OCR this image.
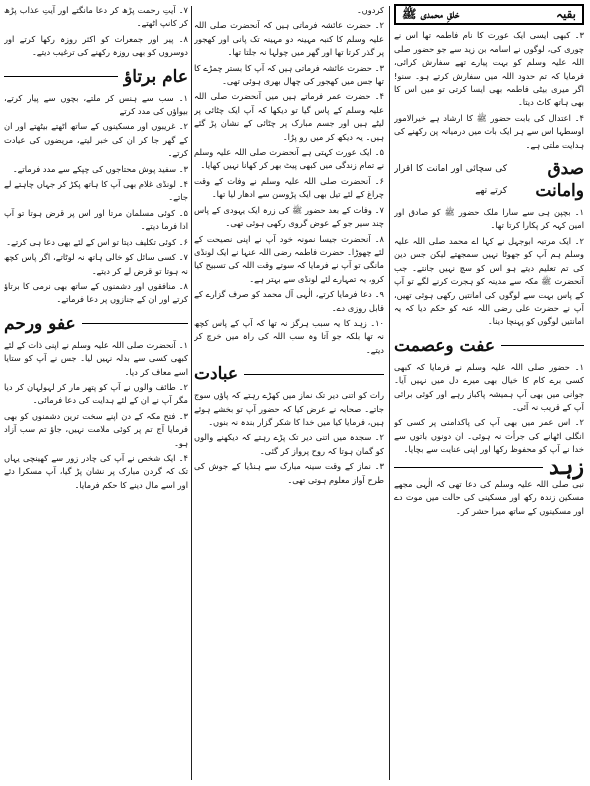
بقیہ
خلقِ محمدی ﷺ

۳۔ کبھی ایسی ایک عورت کا نام فاطمہ تھا اس نے چوری کی، لوگوں نے اسامہ بن زید سے جو حضور صلی اللہ علیہ وسلم کو بہت پیارے تھے سفارش کرائی، فرمایا کہ تم حدود اللہ میں سفارش کرتے ہو۔ سنو! اگر میری بیٹی فاطمہ بھی ایسا کرتی تو میں اس کا بھی ہاتھ کاٹ دیتا۔

۴۔ اعتدال کی بابت حضور ﷺ کا ارشاد ہے خیرالامور اوسطہا اس سے ہر ایک بات میں درمیانہ پن رکھنے کی ہدایت ملتی ہے۔

صدق وامانت
کی سچائی اور امانت کا اقرار کرتے تھے

۱۔ بچپن ہی سے سارا ملک حضور ﷺ کو صادق اور امین کہہ کر پکارا کرتا تھا۔

۲۔ ایک مرتبہ ابوجہل نے کہا اے محمد صلی اللہ علیہ وسلم ہم آپ کو جھوٹا نہیں سمجھتے لیکن جس دین کی تم تعلیم دیتے ہو اس کو سچ نہیں جانتے۔ جب آنحضرت ﷺ مکہ سے مدینہ کو ہجرت کرنے لگے تو آپ کے پاس بہت سے لوگوں کی امانتیں رکھی ہوئی تھیں، آپ نے حضرت علی رضی اللہ عنہ کو حکم دیا کہ یہ امانتیں لوگوں کو پہنچا دینا۔

عفت وعصمت

۱۔ حضور صلی اللہ علیہ وسلم نے فرمایا کہ کبھی کسی برے کام کا خیال بھی میرے دل میں نہیں آیا۔ جوانی میں بھی آپ ہمیشہ پاکباز رہے اور کوئی برائی آپ کے قریب نہ آئی۔

۲۔ اس عمر میں بھی آپ کی پاکدامنی پر کسی کو انگلی اٹھانے کی جرأت نہ ہوئی۔ ان دونوں باتوں سے خدا نے آپ کو محفوظ رکھا اور اپنی عنایت سے بچایا۔

زہد

نبی صلی اللہ علیہ وسلم کی دعا تھی کہ الٰہی مجھے مسکین زندہ رکھ اور مسکینی کی حالت میں موت دے اور مسکینوں کے ساتھ میرا حشر کر۔

کردوں۔

۲۔ حضرت عائشہ فرماتی ہیں کہ آنحضرت صلی اللہ علیہ وسلم کا کنبہ مہینہ دو مہینہ تک پانی اور کھجور پر گذر کرتا تھا اور گھر میں چولہا نہ جلتا تھا۔

۳۔ حضرت عائشہ فرماتی ہیں کہ آپ کا بستر چمڑے کا تھا جس میں کھجور کی چھال بھری ہوئی تھی۔

۴۔ حضرت عمر فرماتے ہیں میں آنحضرت صلی اللہ علیہ وسلم کے پاس گیا تو دیکھا کہ آپ ایک چٹائی پر لیٹے ہیں اور جسم مبارک پر چٹائی کے نشان پڑ گئے ہیں۔ یہ دیکھ کر میں رو پڑا۔

۵۔ ایک عورت کہتی ہے آنحضرت صلی اللہ علیہ وسلم نے تمام زندگی میں کبھی پیٹ بھر کر کھانا نہیں کھایا۔

۶۔ آنحضرت صلی اللہ علیہ وسلم نے وفات کے وقت چراغ کے لئے تیل بھی ایک پڑوسن سے ادھار لیا تھا۔

۷۔ وفات کے بعد حضور ﷺ کی زرہ ایک یہودی کے پاس چند سیر جو کے عوض گروی رکھی ہوئی تھی۔

۸۔ آنحضرت جیسا نمونہ خود آپ نے اپنی نصیحت کے لئے چھوڑا۔ حضرت فاطمہ رضی اللہ عنہا نے ایک لونڈی مانگی تو آپ نے فرمایا کہ سوتے وقت اللہ کی تسبیح کیا کرو، یہ تمہارے لئے لونڈی سے بہتر ہے۔

۹۔ دعا فرمایا کرتے، الٰہی آل محمد کو صرف گزارے کے قابل روزی دے۔

۱۰۔ زہد کا یہ سبب ہرگز نہ تھا کہ آپ کے پاس کچھ نہ تھا بلکہ جو آتا وہ سب اللہ کی راہ میں خرچ کر دیتے۔

عبادت

رات کو اتنی دیر تک نماز میں کھڑے رہتے کہ پاؤں سوج جاتے۔ صحابہ نے عرض کیا کہ حضور آپ تو بخشے ہوئے ہیں، فرمایا کیا میں خدا کا شکر گزار بندہ نہ بنوں۔

۲۔ سجدہ میں اتنی دیر تک پڑے رہتے کہ دیکھنے والوں کو گمان ہوتا کہ روح پرواز کر گئی۔

۳۔ نماز کے وقت سینہ مبارک سے ہنڈیا کے جوش کی طرح آواز معلوم ہوتی تھی۔

۷۔ آیتِ رحمت پڑھ کر دعا مانگتے اور آیتِ عذاب پڑھ کر کانپ اٹھتے۔

۸۔ پیر اور جمعرات کو اکثر روزہ رکھا کرتے اور دوسروں کو بھی روزہ رکھنے کی ترغیب دیتے۔

عام برتاؤ

۱۔ سب سے ہنس کر ملتے، بچوں سے پیار کرتے، بیواؤں کی مدد کرتے

۲۔ غریبوں اور مسکینوں کے ساتھ اٹھتے بیٹھتے اور ان کے گھر جا کر ان کی خبر لیتے، مریضوں کی عیادت کرتے۔

۳۔ سفید پوش محتاجوں کی چپکے سے مدد فرماتے۔

۴۔ لونڈی غلام بھی آپ کا ہاتھ پکڑ کر جہاں چاہتے لے جاتے۔

۵۔ کوئی مسلمان مرتا اور اس پر قرض ہوتا تو آپ ادا فرما دیتے۔

۶۔ کوئی تکلیف دیتا تو اس کے لئے بھی دعا ہی کرتے۔

۷۔ کسی سائل کو خالی ہاتھ نہ لوٹاتے، اگر پاس کچھ نہ ہوتا تو قرض لے کر دیتے۔

۸۔ منافقوں اور دشمنوں کے ساتھ بھی نرمی کا برتاؤ کرتے اور ان کے جنازوں پر دعا فرماتے۔

عفو ورحم

۱۔ آنحضرت صلی اللہ علیہ وسلم نے اپنی ذات کے لئے کبھی کسی سے بدلہ نہیں لیا۔ جس نے آپ کو ستایا اسے معاف کر دیا۔

۲۔ طائف والوں نے آپ کو پتھر مار کر لہولہان کر دیا مگر آپ نے ان کے لئے ہدایت کی دعا فرمائی۔

۳۔ فتح مکہ کے دن اپنے سخت ترین دشمنوں کو بھی فرمایا آج تم پر کوئی ملامت نہیں، جاؤ تم سب آزاد ہو۔

۴۔ ایک شخص نے آپ کی چادر زور سے کھینچی یہاں تک کہ گردن مبارک پر نشان پڑ گیا، آپ مسکرا دئے اور اسے مال دینے کا حکم فرمایا۔
